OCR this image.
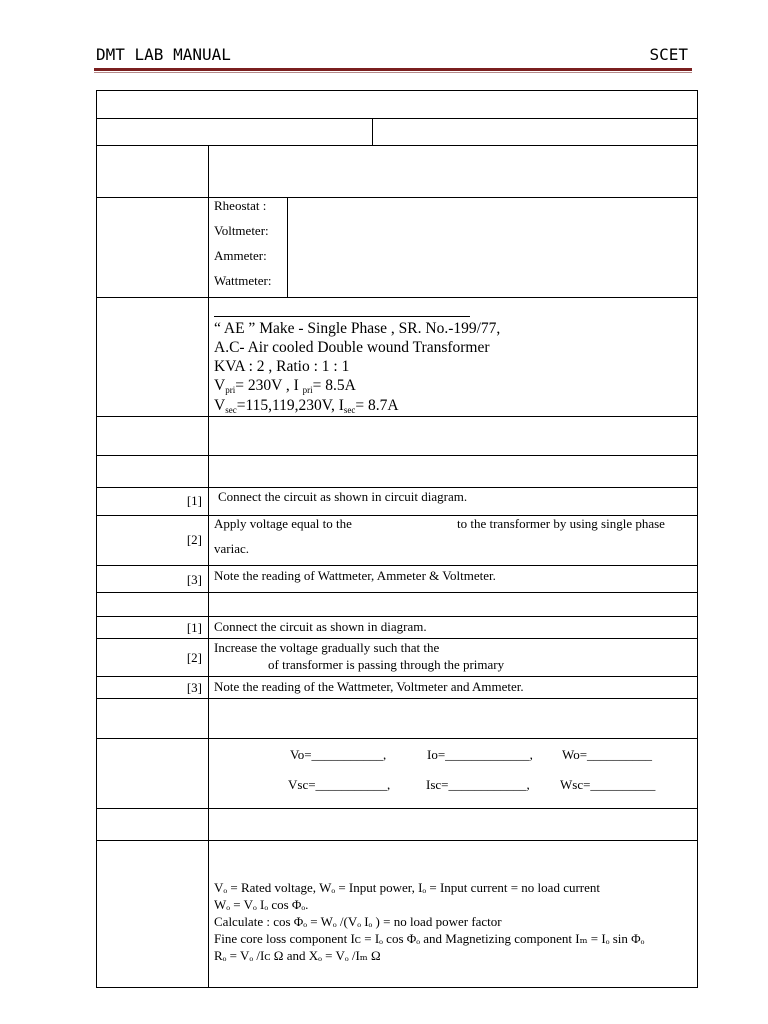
DMT LAB MANUAL	SCET
Rheostat :
Voltmeter:
Ammeter:
Wattmeter:
“ AE ” Make - Single Phase , SR. No.-199/77,
A.C- Air cooled Double wound Transformer
KVA : 2 , Ratio : 1 : 1
$V_{pri}= 230V$ , I $_{pri}$= 8.5A
$V_{sec}=115,119,230V$, $I_{sec}= 8.7A$
[1] Connect the circuit as shown in circuit diagram.
[2]
Apply voltage equal to the	to the transformer by using single phase
variac.
[3] Note the reading of Wattmeter, Ammeter & Voltmeter.
[1] Connect the circuit as shown in diagram.
[2]
Increase the voltage gradually such that the
of transformer is passing through the primary
[3] Note the reading of the Wattmeter, Voltmeter and Ammeter.
Vo=___________,	Io=_____________, Wo=__________
Vsc=___________,	Isc=____________, Wsc=__________
Vₒ = Rated voltage, Wₒ = Input power, Iₒ = Input current = no load current
Wₒ = Vₒ Iₒ cos Φₒ.
Calculate : cos Φₒ = Wₒ /(Vₒ Iₒ ) = no load power factor
Fine core loss component Iᴄ = Iₒ cos Φₒ and Magnetizing component Iₘ = Iₒ sin Φₒ
Rₒ = Vₒ /Iᴄ Ω and Xₒ = Vₒ /Iₘ Ω
